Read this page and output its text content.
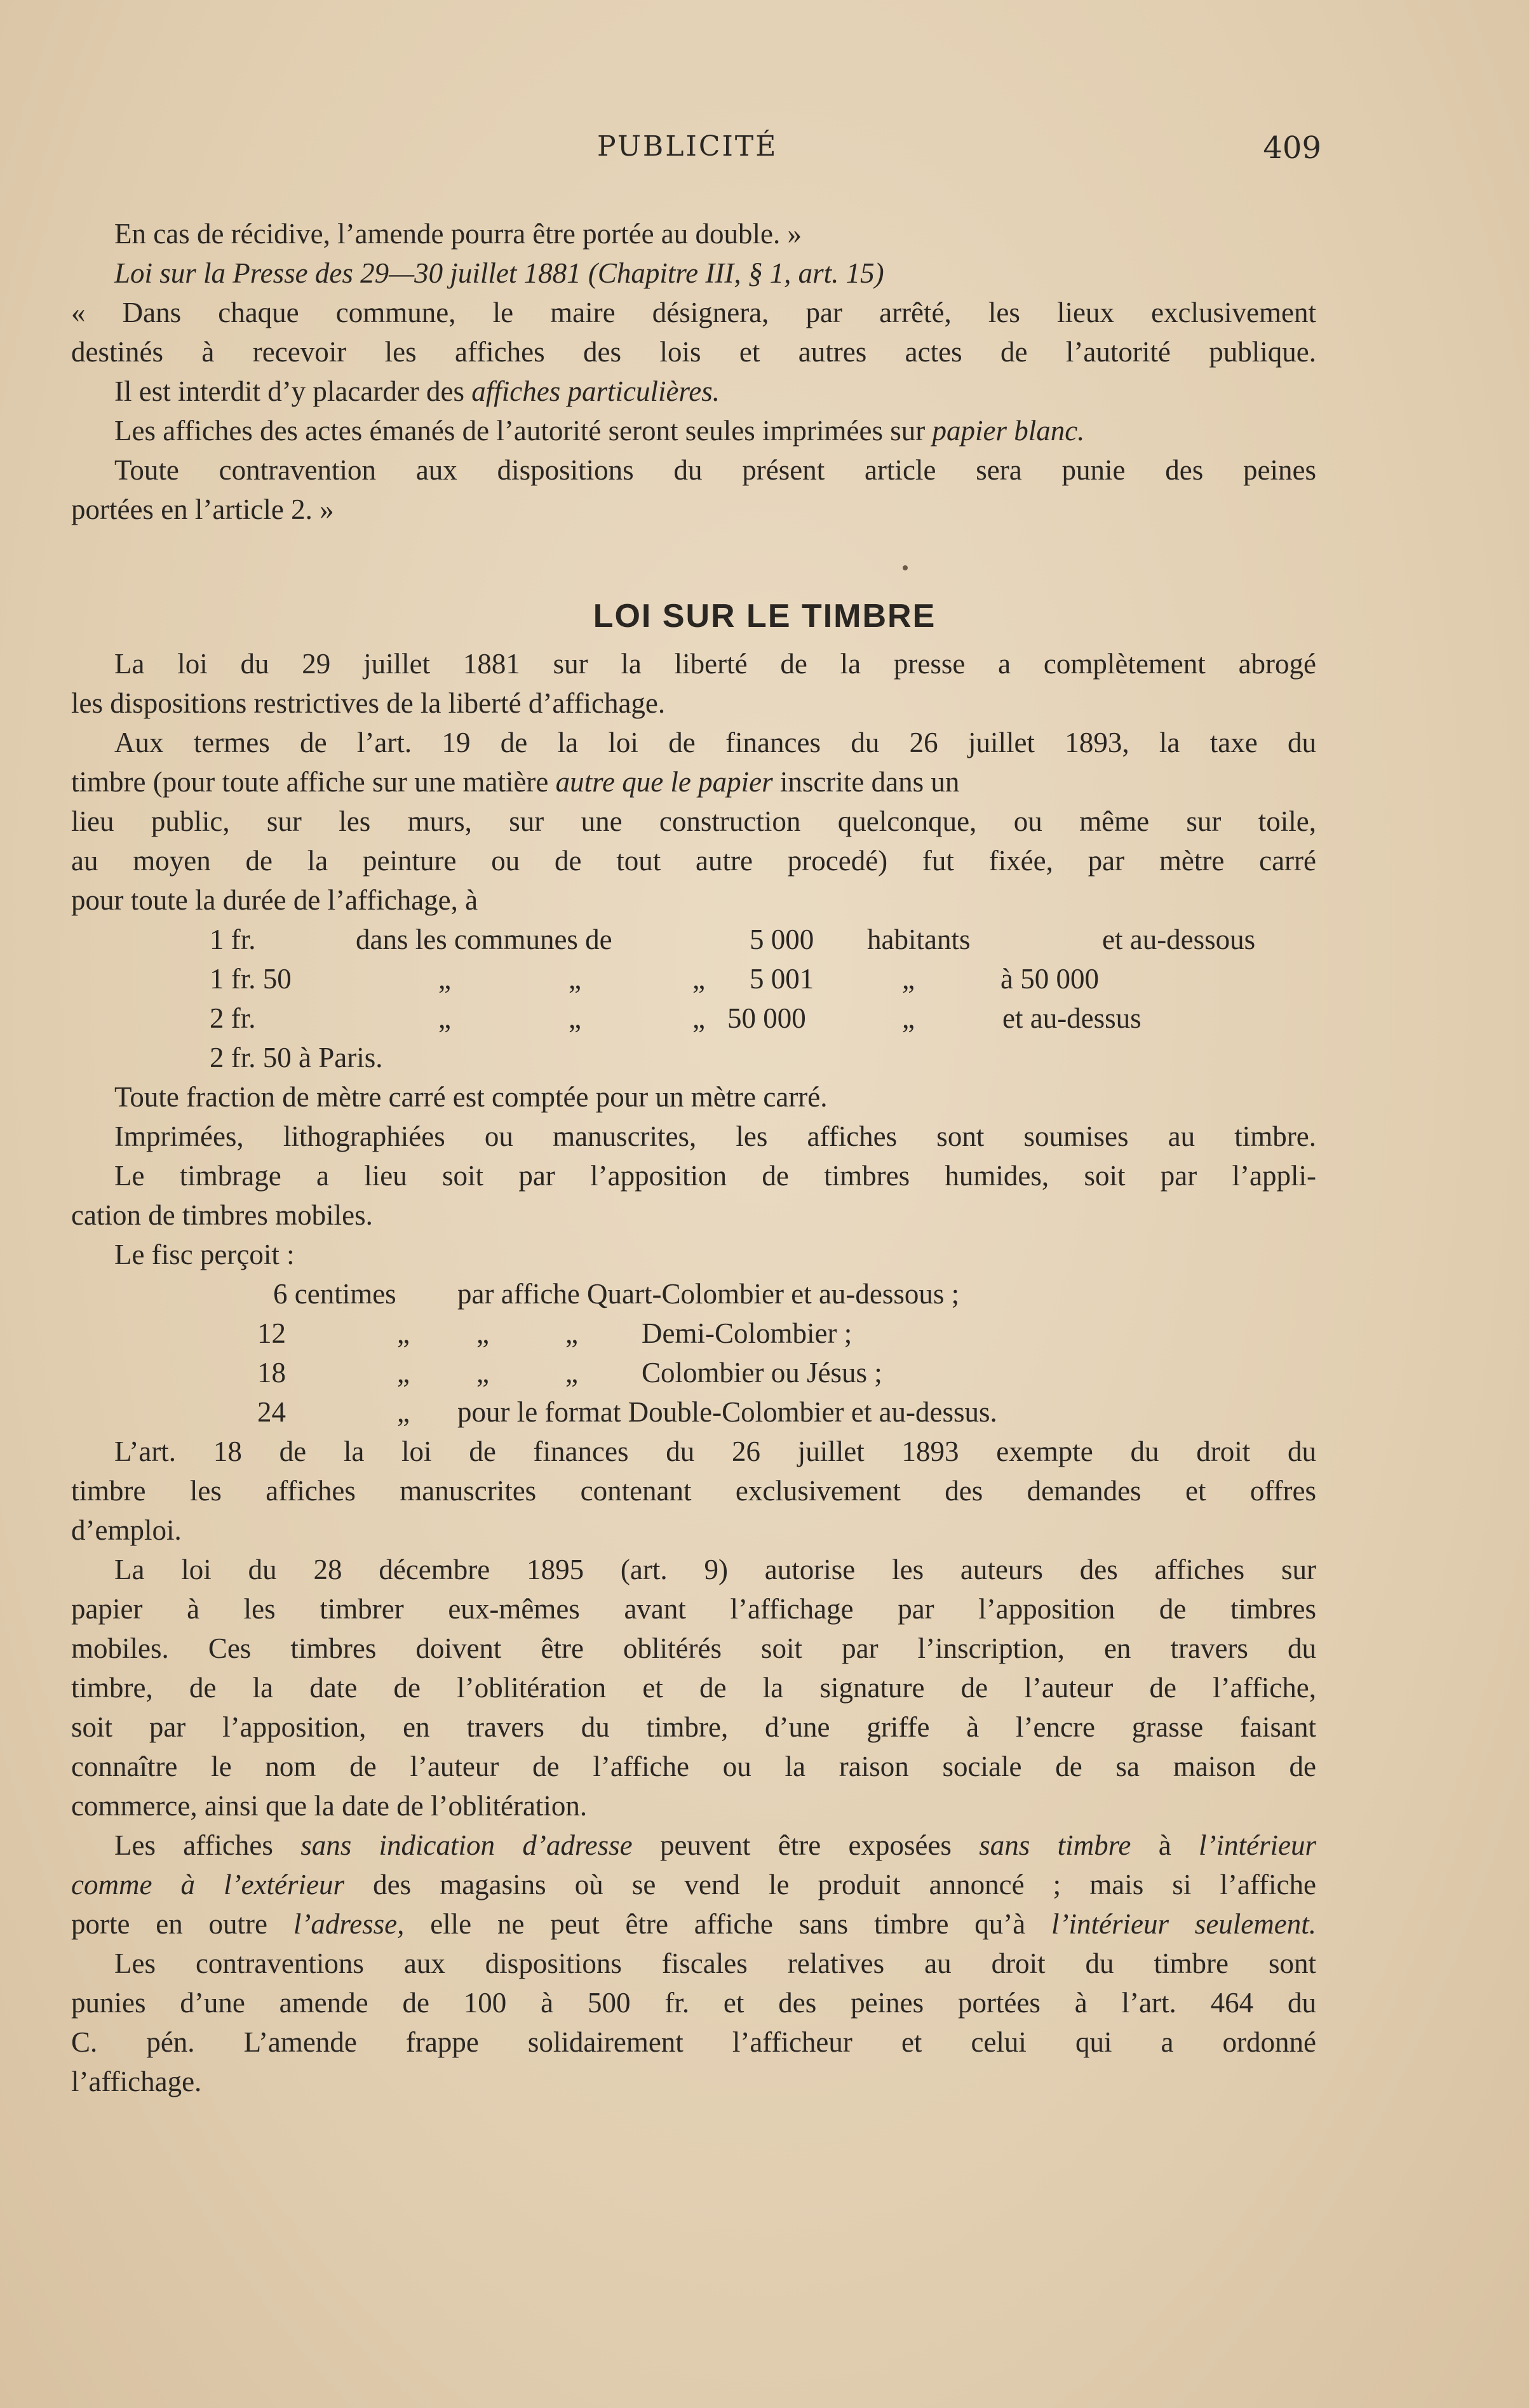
PUBLICITÉ	409
En cas de récidive, l’amende pourra être portée au double. »
Loi sur la Presse des 29—30 juillet 1881 (Chapitre III, § 1, art. 15)
« Dans chaque commune, le maire désignera, par arrêté, les lieux exclusivement
destinés à recevoir les affiches des lois et autres actes de l’autorité publique.
Il est interdit d’y placarder des affiches particulières.
Les affiches des actes émanés de l’autorité seront seules imprimées sur papier blanc.
Toute contravention aux dispositions du présent article sera punie des peines
portées en l’article 2. »
LOI SUR LE TIMBRE
La loi du 29 juillet 1881 sur la liberté de la presse a complètement abrogé
les dispositions restrictives de la liberté d’affichage.
Aux termes de l’art. 19 de la loi de finances du 26 juillet 1893, la taxe du
timbre (pour toute affiche sur une matière autre que le papier inscrite dans un
lieu public, sur les murs, sur une construction quelconque, ou même sur toile,
au moyen de la peinture ou de tout autre procedé) fut fixée, par mètre carré
pour toute la durée de l’affichage, à
1 fr.	dans les communes de	5 000	habitants	et au-dessous
1 fr. 50	„	„	„	5 001	„	à 50 000
2 fr.	„	„	„ 50 000	„	et au-dessus
2 fr. 50 à Paris.
Toute fraction de mètre carré est comptée pour un mètre carré.
Imprimées, lithographiées ou manuscrites, les affiches sont soumises au timbre.
Le timbrage a lieu soit par l’apposition de timbres humides, soit par l’appli-
cation de timbres mobiles.
Le fisc perçoit :
6 centimes	par affiche Quart-Colombier et au-dessous ;
12	„	„	„	Demi-Colombier ;
18	„	„	„	Colombier ou Jésus ;
24	„	pour le format Double-Colombier et au-dessus.
L’art. 18 de la loi de finances du 26 juillet 1893 exempte du droit du
timbre les affiches manuscrites contenant exclusivement des demandes et offres
d’emploi.
La loi du 28 décembre 1895 (art. 9) autorise les auteurs des affiches sur
papier à les timbrer eux-mêmes avant l’affichage par l’apposition de timbres
mobiles. Ces timbres doivent être oblitérés soit par l’inscription, en travers du
timbre, de la date de l’oblitération et de la signature de l’auteur de l’affiche,
soit par l’apposition, en travers du timbre, d’une griffe à l’encre grasse faisant
connaître le nom de l’auteur de l’affiche ou la raison sociale de sa maison de
commerce, ainsi que la date de l’oblitération.
Les affiches sans indication d’adresse peuvent être exposées sans timbre à l’intérieur
comme à l’extérieur des magasins où se vend le produit annoncé ; mais si l’affiche
porte en outre l’adresse, elle ne peut être affiche sans timbre qu’à l’intérieur seulement.
Les contraventions aux dispositions fiscales relatives au droit du timbre sont
punies d’une amende de 100 à 500 fr. et des peines portées à l’art. 464 du
C. pén. L’amende frappe solidairement l’afficheur et celui qui a ordonné
l’affichage.
